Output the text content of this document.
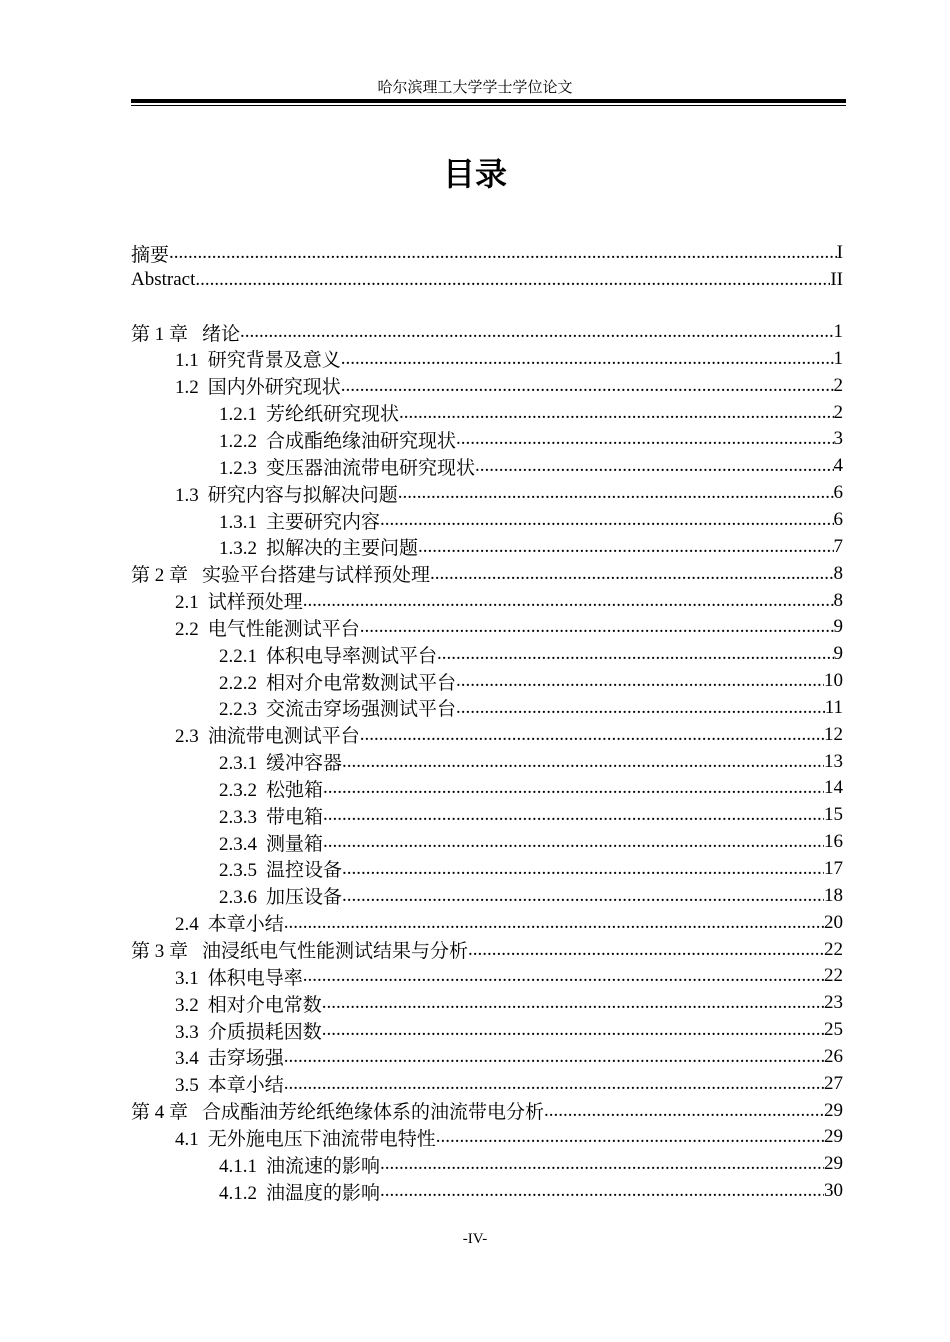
哈尔滨理工大学学士学位论文
目录
摘要 .....	I
Abstract .....	II
第 1 章 绪论 .....	1
1.1 研究背景及意义 .....	1
1.2 国内外研究现状 .....	2
1.2.1 芳纶纸研究现状 .....	2
1.2.2 合成酯绝缘油研究现状 .....	3
1.2.3 变压器油流带电研究现状 .....	4
1.3 研究内容与拟解决问题 .....	6
1.3.1 主要研究内容 .....	6
1.3.2 拟解决的主要问题 .....	7
第 2 章 实验平台搭建与试样预处理 .....	8
2.1 试样预处理 .....	8
2.2 电气性能测试平台 .....	9
2.2.1 体积电导率测试平台 .....	9
2.2.2 相对介电常数测试平台 .....	10
2.2.3 交流击穿场强测试平台 .....	11
2.3 油流带电测试平台 .....	12
2.3.1 缓冲容器 .....	13
2.3.2 松弛箱 .....	14
2.3.3 带电箱 .....	15
2.3.4 测量箱 .....	16
2.3.5 温控设备 .....	17
2.3.6 加压设备 .....	18
2.4 本章小结 .....	20
第 3 章 油浸纸电气性能测试结果与分析 .....	22
3.1 体积电导率 .....	22
3.2 相对介电常数 .....	23
3.3 介质损耗因数 .....	25
3.4 击穿场强 .....	26
3.5 本章小结 .....	27
第 4 章 合成酯油芳纶纸绝缘体系的油流带电分析 .....	29
4.1 无外施电压下油流带电特性 .....	29
4.1.1 油流速的影响 .....	29
4.1.2 油温度的影响 .....	30
-IV-
